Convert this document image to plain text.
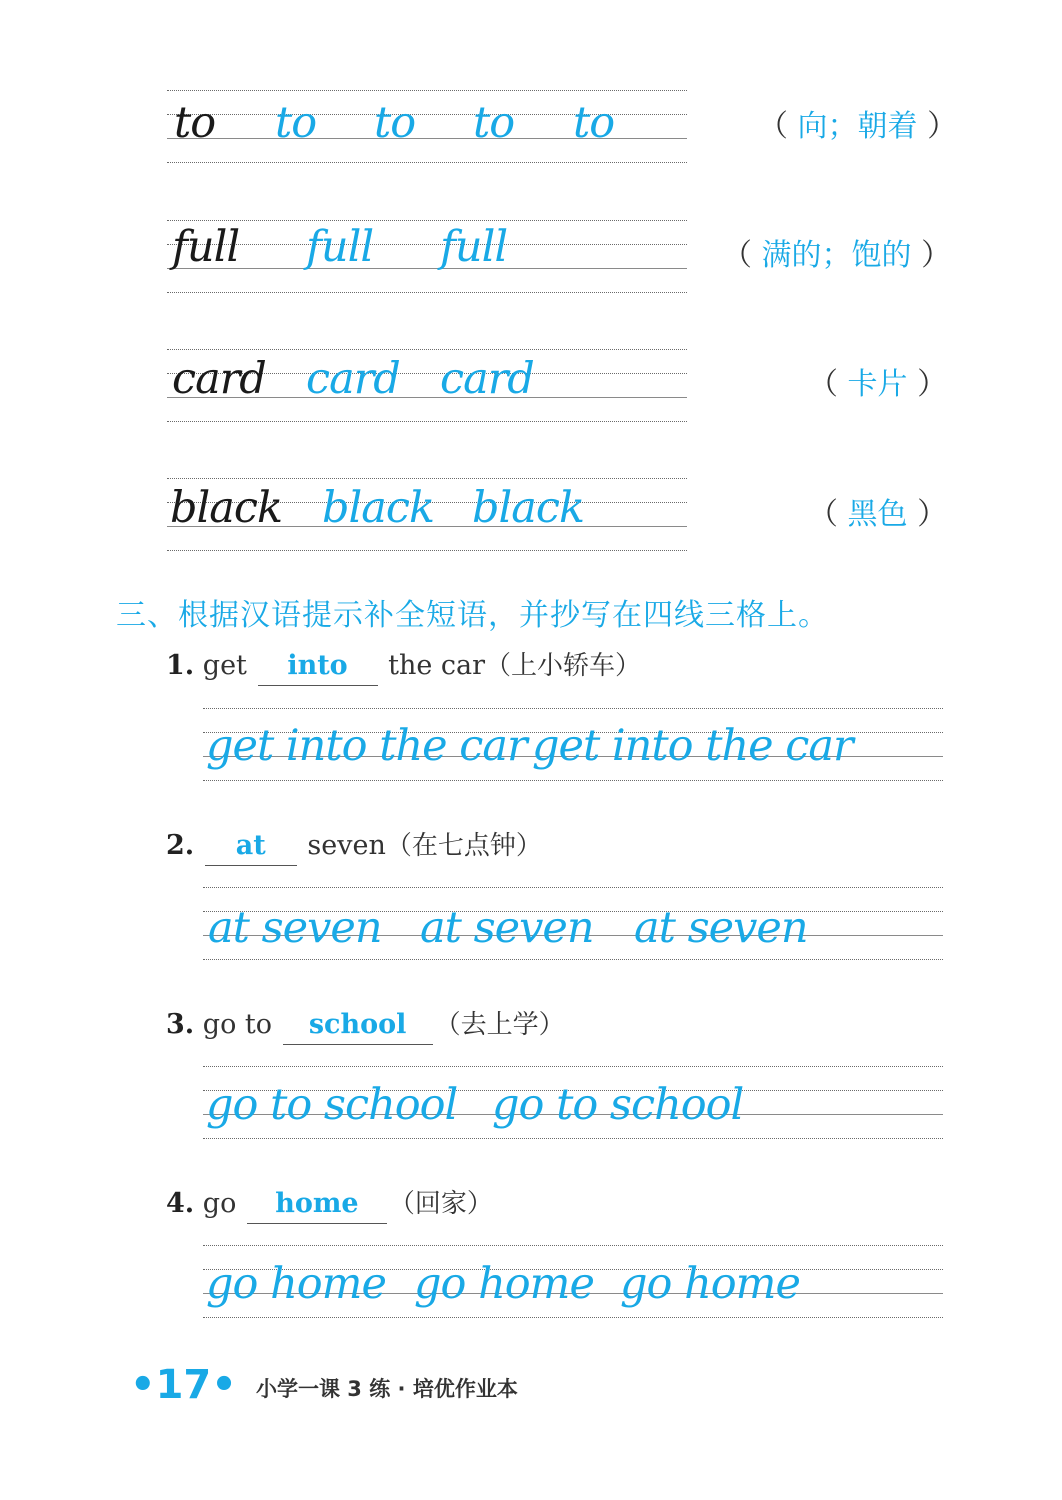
to to to to to	（ 向；朝着 ）
full full full	（ 满的；饱的 ）
card card card	（ 卡片 ）
black black black	（ 黑色 ）
三、根据汉语提示补全短语，并抄写在四线三格上。
1. get into the car（上小轿车）
get into the car get into the car
2. at seven（在七点钟）
at seven at seven at seven
3. go to school （去上学）
go to school go to school
4. go home （回家）
go home go home go home
•17• 小学一课 3 练 · 培优作业本
